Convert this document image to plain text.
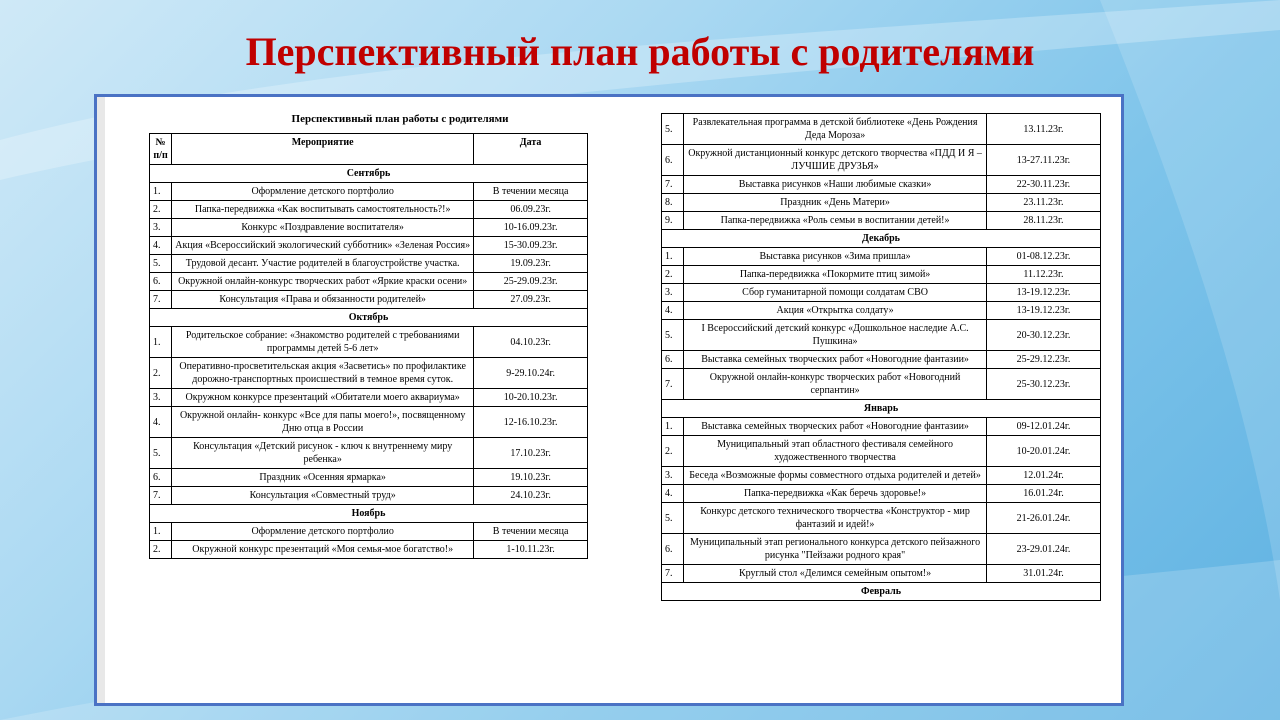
Перспективный план работы с родителями
Перспективный план работы с родителями
№ п/п	Мероприятие	Дата
Сентябрь		
1.	Оформление детского портфолио	В течении месяца
2.	Папка-передвижка «Как воспитывать самостоятельность?!»	06.09.23г.
3.	Конкурс «Поздравление воспитателя»	10-16.09.23г.
4.	Акция «Всероссийский экологический субботник» «Зеленая Россия»	15-30.09.23г.
5.	Трудовой десант. Участие родителей в благоустройстве участка.	19.09.23г.
6.	Окружной онлайн-конкурс творческих работ «Яркие краски осени»	25-29.09.23г.
7.	Консультация «Права и обязанности родителей»	27.09.23г.
Октябрь		
1.	Родительское собрание: «Знакомство родителей с требованиями программы детей 5-6 лет»	04.10.23г.
2.	Оперативно-просветительская акция «Засветись» по профилактике дорожно-транспортных происшествий в темное время суток.	9-29.10.24г.
3.	Окружном конкурсе презентаций «Обитатели моего аквариума»	10-20.10.23г.
4.	Окружной онлайн- конкурс «Все для папы моего!», посвященному Дню отца в России	12-16.10.23г.
5.	Консультация «Детский рисунок - ключ к внутреннему миру ребенка»	17.10.23г.
6.	Праздник «Осенняя ярмарка»	19.10.23г.
7.	Консультация «Совместный труд»	24.10.23г.
Ноябрь		
1.	Оформление детского портфолио	В течении месяца
2.	Окружной конкурс презентаций «Моя семья-мое богатство!»	1-10.11.23г.
5.	Развлекательная программа в детской библиотеке «День Рождения Деда Мороза»	13.11.23г.
6.	Окружной дистанционный конкурс детского творчества «ПДД И Я – ЛУЧШИЕ ДРУЗЬЯ»	13-27.11.23г.
7.	Выставка рисунков «Наши любимые сказки»	22-30.11.23г.
8.	Праздник «День Матери»	23.11.23г.
9.	Папка-передвижка «Роль семьи в воспитании детей!»	28.11.23г.
Декабрь		
1.	Выставка рисунков «Зима пришла»	01-08.12.23г.
2.	Папка-передвижка «Покормите птиц зимой»	11.12.23г.
3.	Сбор гуманитарной помощи солдатам СВО	13-19.12.23г.
4.	Акция «Открытка солдату»	13-19.12.23г.
5.	I Всероссийский детский конкурс «Дошкольное наследие А.С. Пушкина»	20-30.12.23г.
6.	Выставка семейных творческих работ «Новогодние фантазии»	25-29.12.23г.
7.	Окружной онлайн-конкурс творческих работ «Новогодний серпантин»	25-30.12.23г.
Январь		
1.	Выставка семейных творческих работ «Новогодние фантазии»	09-12.01.24г.
2.	Муниципальный этап областного фестиваля семейного художественного творчества	10-20.01.24г.
3.	Беседа «Возможные формы совместного отдыха родителей и детей»	12.01.24г.
4.	Папка-передвижка «Как беречь здоровье!»	16.01.24г.
5.	Конкурс детского технического творчества «Конструктор - мир фантазий и идей!»	21-26.01.24г.
6.	Муниципальный этап регионального конкурса детского пейзажного рисунка "Пейзажи родного края"	23-29.01.24г.
7.	Круглый стол «Делимся семейным опытом!»	31.01.24г.
Февраль		
